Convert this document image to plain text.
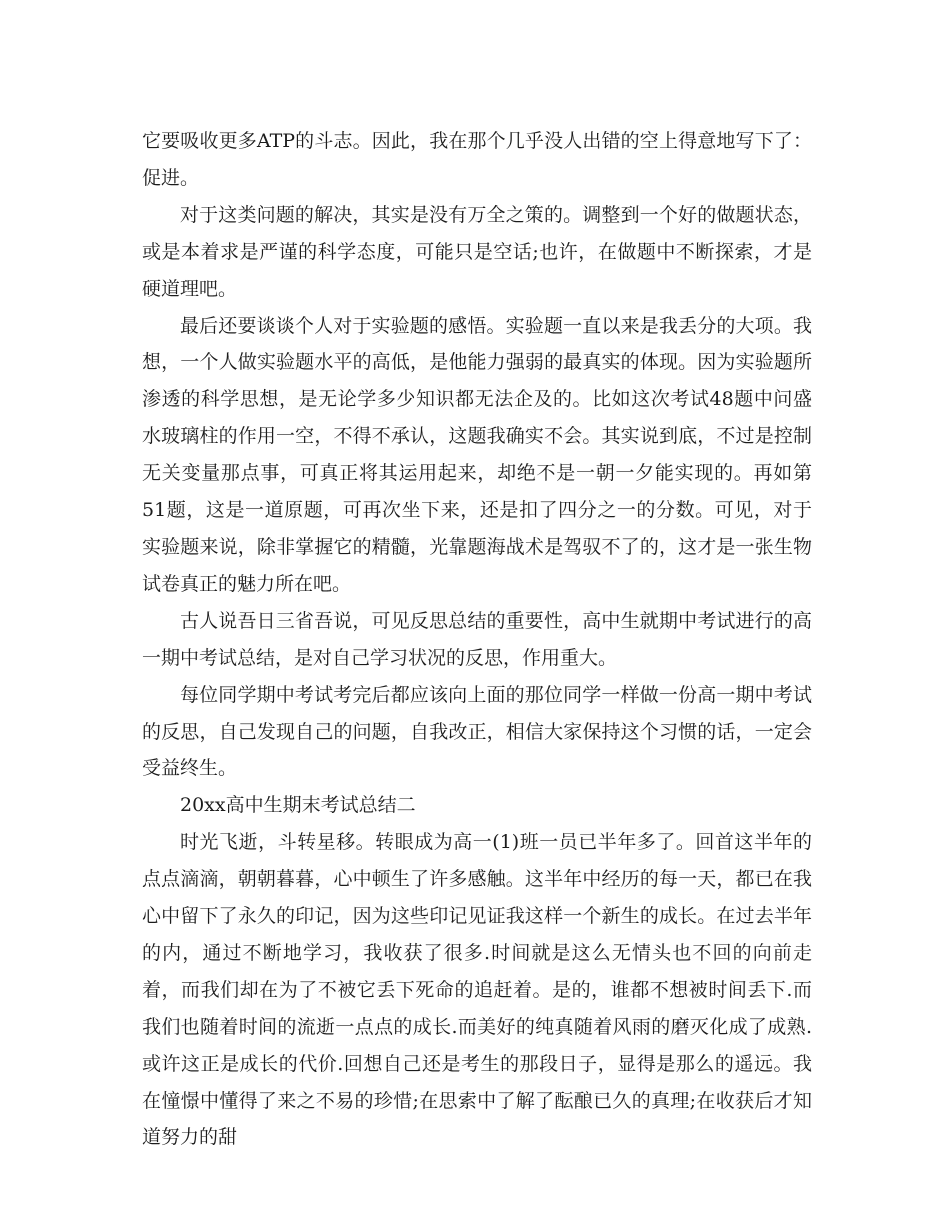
它要吸收更多ATP的斗志。因此，我在那个几乎没人出错的空上得意地写下了：促进。

对于这类问题的解决，其实是没有万全之策的。调整到一个好的做题状态，或是本着求是严谨的科学态度，可能只是空话;也许，在做题中不断探索，才是硬道理吧。

最后还要谈谈个人对于实验题的感悟。实验题一直以来是我丢分的大项。我想，一个人做实验题水平的高低，是他能力强弱的最真实的体现。因为实验题所渗透的科学思想，是无论学多少知识都无法企及的。比如这次考试48题中问盛水玻璃柱的作用一空，不得不承认，这题我确实不会。其实说到底，不过是控制无关变量那点事，可真正将其运用起来，却绝不是一朝一夕能实现的。再如第51题，这是一道原题，可再次坐下来，还是扣了四分之一的分数。可见，对于实验题来说，除非掌握它的精髓，光靠题海战术是驾驭不了的，这才是一张生物试卷真正的魅力所在吧。

古人说吾日三省吾说，可见反思总结的重要性，高中生就期中考试进行的高一期中考试总结，是对自己学习状况的反思，作用重大。

每位同学期中考试考完后都应该向上面的那位同学一样做一份高一期中考试的反思，自己发现自己的问题，自我改正，相信大家保持这个习惯的话，一定会受益终生。

20xx高中生期末考试总结二

时光飞逝，斗转星移。转眼成为高一(1)班一员已半年多了。回首这半年的点点滴滴，朝朝暮暮，心中顿生了许多感触。这半年中经历的每一天，都已在我心中留下了永久的印记，因为这些印记见证我这样一个新生的成长。在过去半年的内，通过不断地学习，我收获了很多.时间就是这么无情头也不回的向前走着，而我们却在为了不被它丢下死命的追赶着。是的，谁都不想被时间丢下.而我们也随着时间的流逝一点点的成长.而美好的纯真随着风雨的磨灭化成了成熟.或许这正是成长的代价.回想自己还是考生的那段日子，显得是那么的遥远。我在憧憬中懂得了来之不易的珍惜;在思索中了解了酝酿已久的真理;在收获后才知道努力的甜
